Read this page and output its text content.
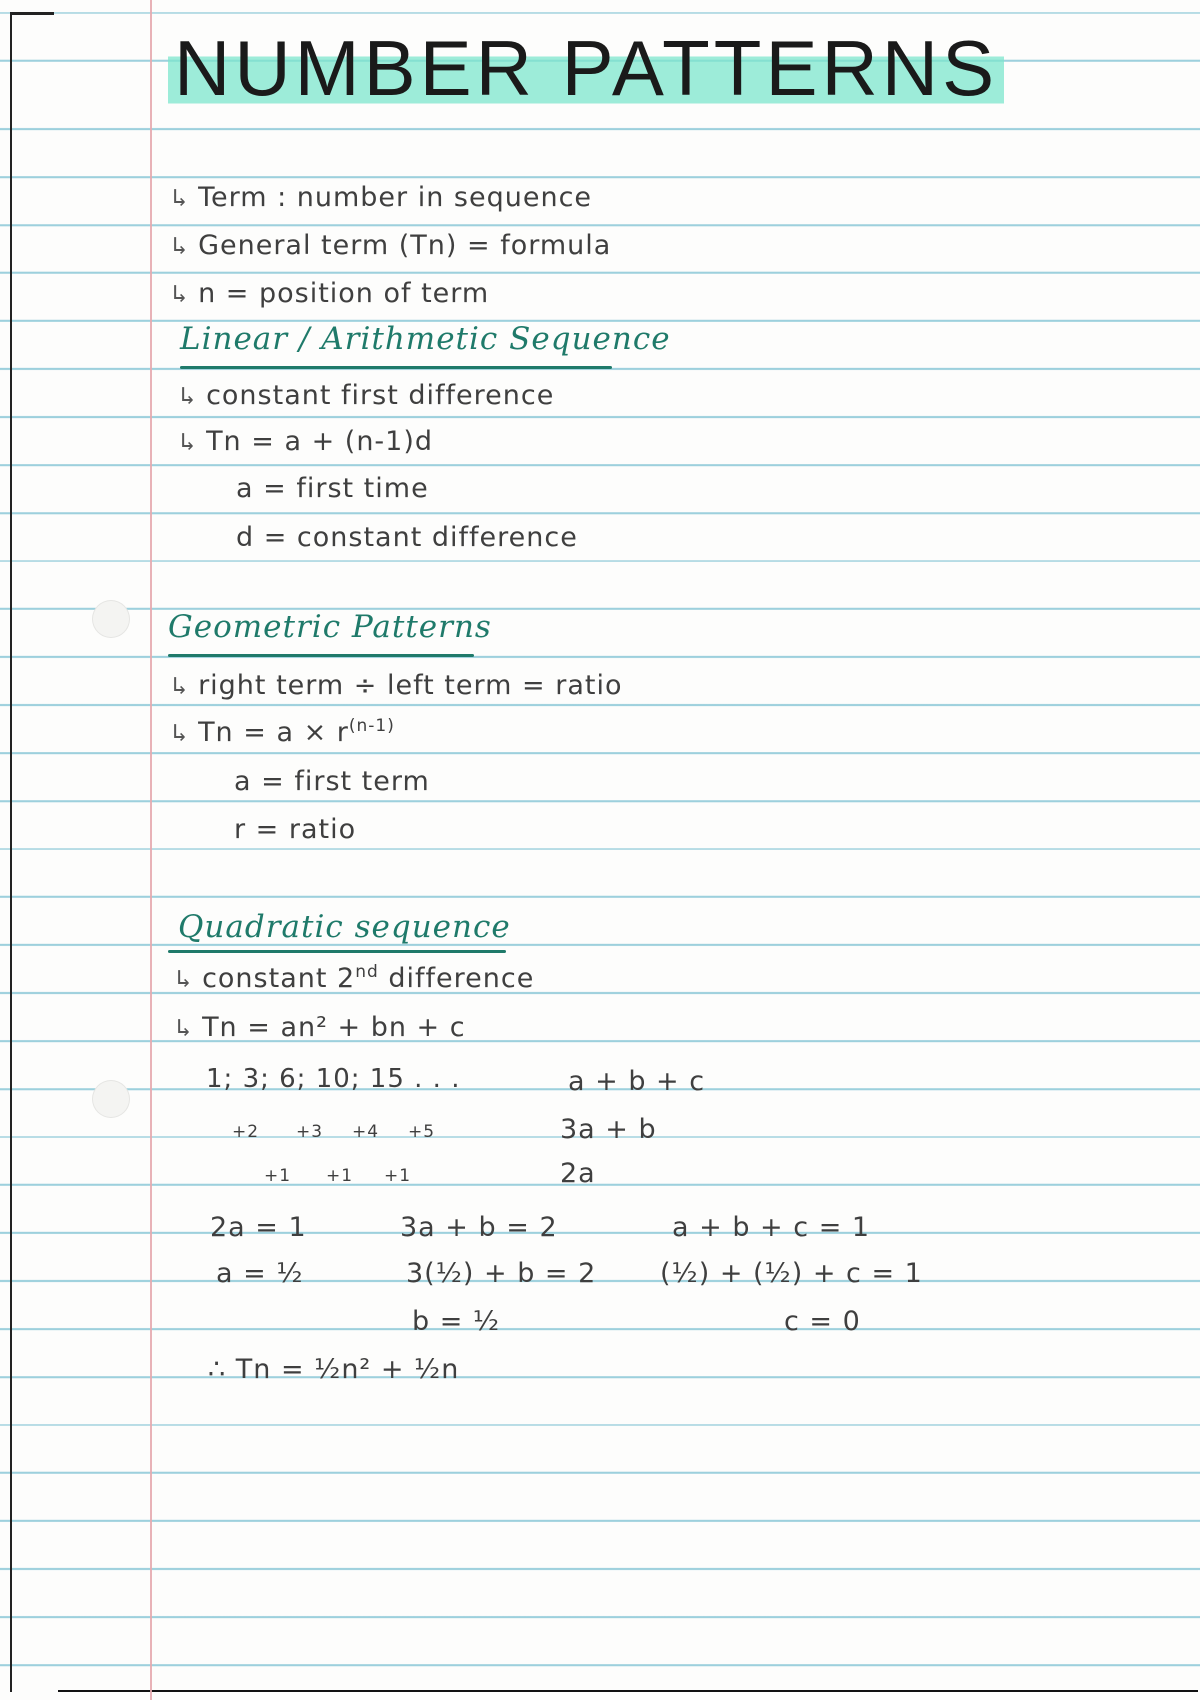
NUMBER PATTERNS
↳ Term : number in sequence
↳ General term (Tn) = formula
↳ n = position of term
Linear / Arithmetic Sequence
↳ constant first difference
↳ Tn = a + (n-1)d
a = first time
d = constant difference
Geometric Patterns
↳ right term ÷ left term = ratio
↳ $Tn = a \times r^{(n-1)}$
a = first term
r = ratio
Quadratic sequence
↳ constant 2nd difference
↳ Tn = an² + bn + c
1; 3; 6; 10; 15 . . .
+2 +3 +4 +5
+1 +1 +1
a + b + c
3a + b
2a
2a = 1
a = ½
3a + b = 2
3(½) + b = 2
b = ½
a + b + c = 1
(½) + (½) + c = 1
c = 0
∴ Tn = ½n² + ½n
